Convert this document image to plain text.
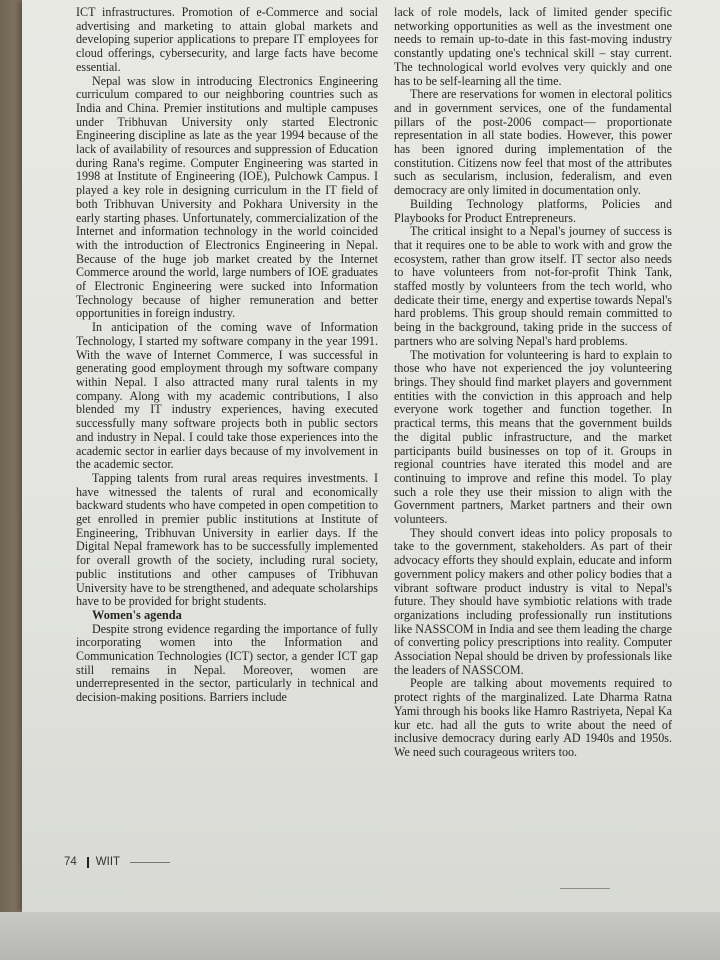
ICT infrastructures. Promotion of e-Commerce and social advertising and marketing to attain global markets and developing superior applications to prepare IT employees for cloud offerings, cybersecurity, and large facts have become essential.

Nepal was slow in introducing Electronics Engineering curriculum compared to our neighboring countries such as India and China. Premier institutions and multiple campuses under Tribhuvan University only started Electronic Engineering discipline as late as the year 1994 because of the lack of availability of resources and suppression of Education during Rana's regime. Computer Engineering was started in 1998 at Institute of Engineering (IOE), Pulchowk Campus. I played a key role in designing curriculum in the IT field of both Tribhuvan University and Pokhara University in the early starting phases. Unfortunately, commercialization of the Internet and information technology in the world coincided with the introduction of Electronics Engineering in Nepal. Because of the huge job market created by the Internet Commerce around the world, large numbers of IOE graduates of Electronic Engineering were sucked into Information Technology because of higher remuneration and better opportunities in foreign industry.

In anticipation of the coming wave of Information Technology, I started my software company in the year 1991. With the wave of Internet Commerce, I was successful in generating good employment through my software company within Nepal. I also attracted many rural talents in my company. Along with my academic contributions, I also blended my IT industry experiences, having executed successfully many software projects both in public sectors and industry in Nepal. I could take those experiences into the academic sector in earlier days because of my involvement in the academic sector.

Tapping talents from rural areas requires investments. I have witnessed the talents of rural and economically backward students who have competed in open competition to get enrolled in premier public institutions at Institute of Engineering, Tribhuvan University in earlier days. If the Digital Nepal framework has to be successfully implemented for overall growth of the society, including rural society, public institutions and other campuses of Tribhuvan University have to be strengthened, and adequate scholarships have to be provided for bright students.

Women's agenda

Despite strong evidence regarding the importance of fully incorporating women into the Information and Communication Technologies (ICT) sector, a gender ICT gap still remains in Nepal. Moreover, women are underrepresented in the sector, particularly in technical and decision-making positions. Barriers include

lack of role models, lack of limited gender specific networking opportunities as well as the investment one needs to remain up-to-date in this fast-moving industry constantly updating one's technical skill – stay current. The technological world evolves very quickly and one has to be self-learning all the time.

There are reservations for women in electoral politics and in government services, one of the fundamental pillars of the post-2006 compact— proportionate representation in all state bodies. However, this power has been ignored during implementation of the constitution. Citizens now feel that most of the attributes such as secularism, inclusion, federalism, and even democracy are only limited in documentation only.

Building Technology platforms, Policies and Playbooks for Product Entrepreneurs.

The critical insight to a Nepal's journey of success is that it requires one to be able to work with and grow the ecosystem, rather than grow itself. IT sector also needs to have volunteers from not-for-profit Think Tank, staffed mostly by volunteers from the tech world, who dedicate their time, energy and expertise towards Nepal's hard problems. This group should remain committed to being in the background, taking pride in the success of partners who are solving Nepal's hard problems.

The motivation for volunteering is hard to explain to those who have not experienced the joy volunteering brings. They should find market players and government entities with the conviction in this approach and help everyone work together and function together. In practical terms, this means that the government builds the digital public infrastructure, and the market participants build businesses on top of it. Groups in regional countries have iterated this model and are continuing to improve and refine this model. To play such a role they use their mission to align with the Government partners, Market partners and their own volunteers.

They should convert ideas into policy proposals to take to the government, stakeholders. As part of their advocacy efforts they should explain, educate and inform government policy makers and other policy bodies that a vibrant software product industry is vital to Nepal's future. They should have symbiotic relations with trade organizations including professionally run institutions like NASSCOM in India and see them leading the charge of converting policy prescriptions into reality. Computer Association Nepal should be driven by professionals like the leaders of NASSCOM.

People are talking about movements required to protect rights of the marginalized. Late Dharma Ratna Yami through his books like Hamro Rastriyeta, Nepal Ka kur etc. had all the guts to write about the need of inclusive democracy during early AD 1940s and 1950s. We need such courageous writers too.

74 WIIT
